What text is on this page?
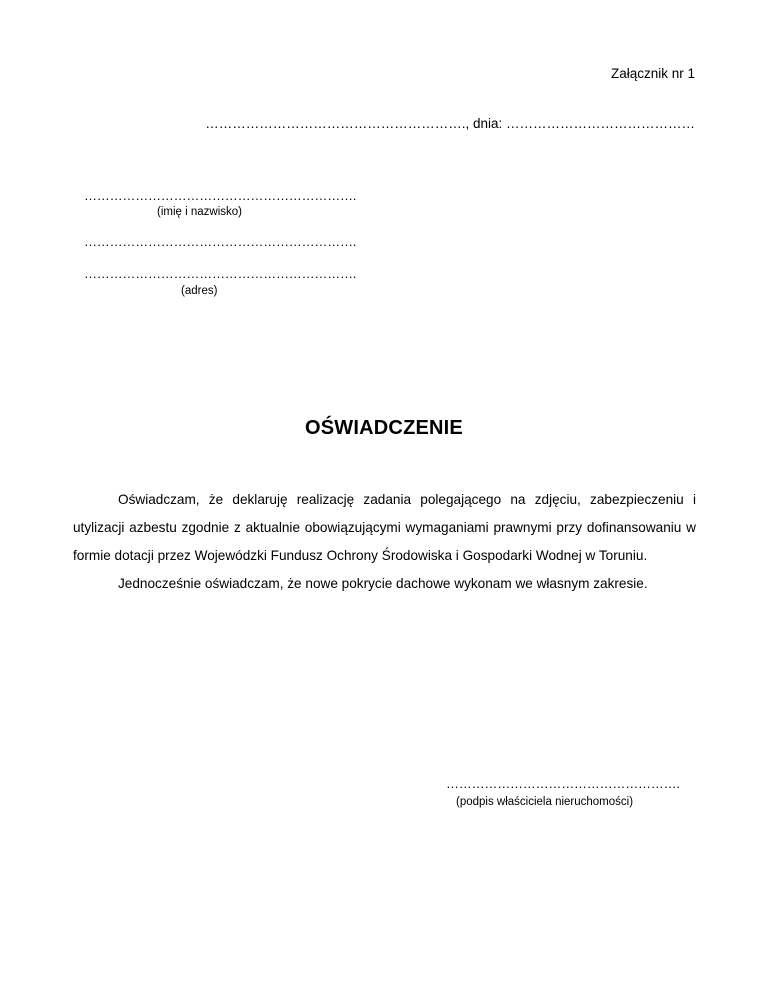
Załącznik nr 1
…………………………………………………., dnia: ……………………………………
……………………………………………………….
(imię i nazwisko)
……………………………………………………….
……………………………………………………….
(adres)
OŚWIADCZENIE

Oświadczam, że deklaruję realizację zadania polegającego na zdjęciu, zabezpieczeniu i utylizacji azbestu zgodnie z aktualnie obowiązującymi wymaganiami prawnymi przy dofinansowaniu w formie dotacji przez Wojewódzki Fundusz Ochrony Środowiska i Gospodarki Wodnej w Toruniu.

Jednocześnie oświadczam, że nowe pokrycie dachowe wykonam we własnym zakresie.

……………………………………………….
(podpis właściciela nieruchomości)
